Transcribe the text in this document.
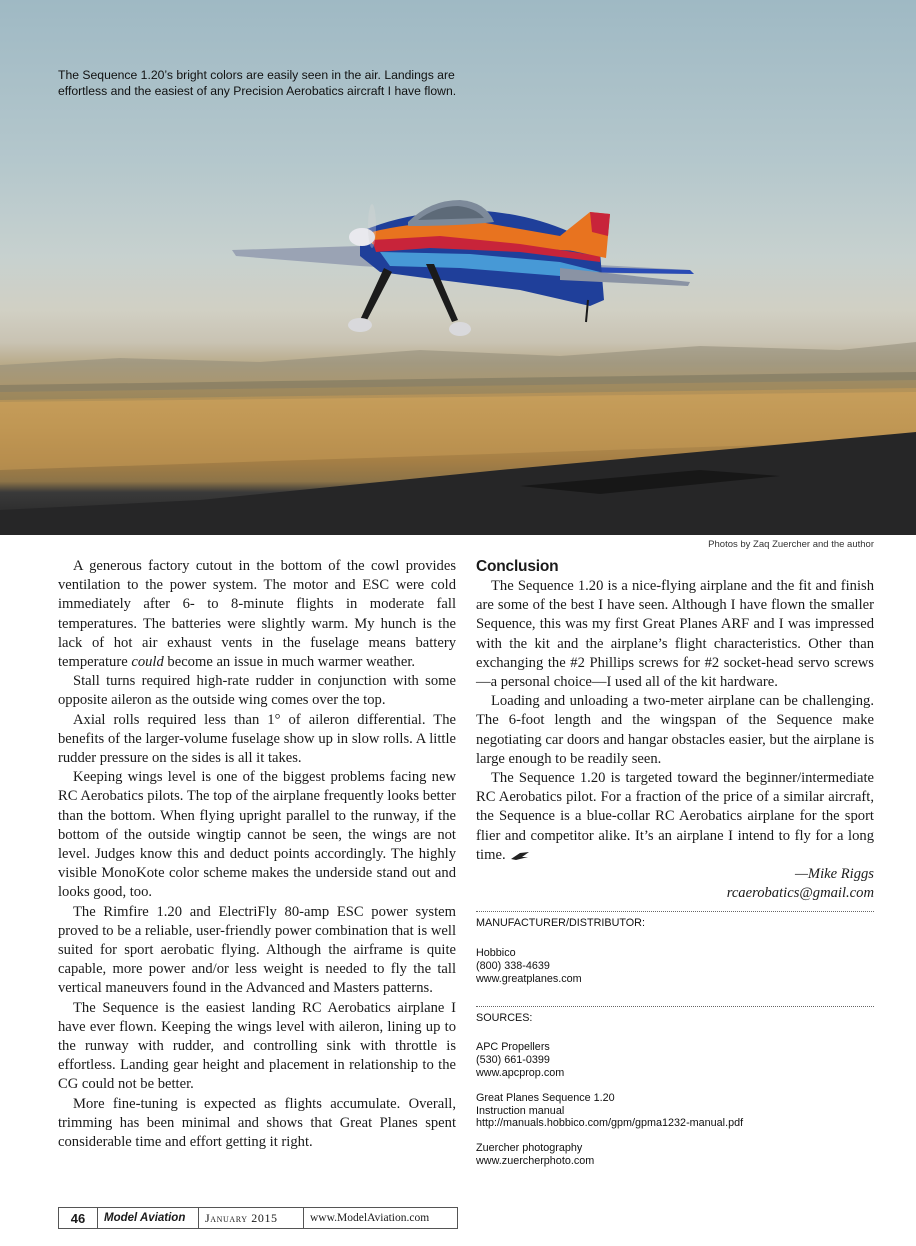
The Sequence 1.20’s bright colors are easily seen in the air. Landings are effortless and the easiest of any Precision Aerobatics aircraft I have flown.
Photos by Zaq Zuercher and the author

A generous factory cutout in the bottom of the cowl provides ventilation to the power system. The motor and ESC were cold immediately after 6- to 8-minute flights in moderate fall temperatures. The batteries were slightly warm. My hunch is the lack of hot air exhaust vents in the fuselage means battery temperature could become an issue in much warmer weather.

Stall turns required high-rate rudder in conjunction with some opposite aileron as the outside wing comes over the top.

Axial rolls required less than 1° of aileron differential. The benefits of the larger-volume fuselage show up in slow rolls. A little rudder pressure on the sides is all it takes.

Keeping wings level is one of the biggest problems facing new RC Aerobatics pilots. The top of the airplane frequently looks better than the bottom. When flying upright parallel to the runway, if the bottom of the outside wingtip cannot be seen, the wings are not level. Judges know this and deduct points accordingly. The highly visible MonoKote color scheme makes the underside stand out and looks good, too.

The Rimfire 1.20 and ElectriFly 80-amp ESC power system proved to be a reliable, user-friendly power combination that is well suited for sport aerobatic flying. Although the airframe is quite capable, more power and/or less weight is needed to fly the tall vertical maneuvers found in the Advanced and Masters patterns.

The Sequence is the easiest landing RC Aerobatics airplane I have ever flown. Keeping the wings level with aileron, lining up to the runway with rudder, and controlling sink with throttle is effortless. Landing gear height and placement in relationship to the CG could not be better.

More fine-tuning is expected as flights accumulate. Overall, trimming has been minimal and shows that Great Planes spent considerable time and effort getting it right.

Conclusion

The Sequence 1.20 is a nice-flying airplane and the fit and finish are some of the best I have seen. Although I have flown the smaller Sequence, this was my first Great Planes ARF and I was impressed with the kit and the airplane’s flight characteristics. Other than exchanging the #2 Phillips screws for #2 socket-head servo screws—a personal choice—I used all of the kit hardware.

Loading and unloading a two-meter airplane can be challenging. The 6-foot length and the wingspan of the Sequence make negotiating car doors and hangar obstacles easier, but the airplane is large enough to be readily seen.

The Sequence 1.20 is targeted toward the beginner/intermediate RC Aerobatics pilot. For a fraction of the price of a similar aircraft, the Sequence is a blue-collar RC Aerobatics airplane for the sport flier and competitor alike. It’s an airplane I intend to fly for a long time.

—Mike Riggs
rcaerobatics@gmail.com
MANUFACTURER/DISTRIBUTOR:
Hobbico
(800) 338-4639
www.greatplanes.com
SOURCES:
APC Propellers
(530) 661-0399
www.apcprop.com
Great Planes Sequence 1.20
Instruction manual
http://manuals.hobbico.com/gpm/gpma1232-manual.pdf
Zuercher photography
www.zuercherphoto.com
46	Model Aviation	January 2015	www.ModelAviation.com
